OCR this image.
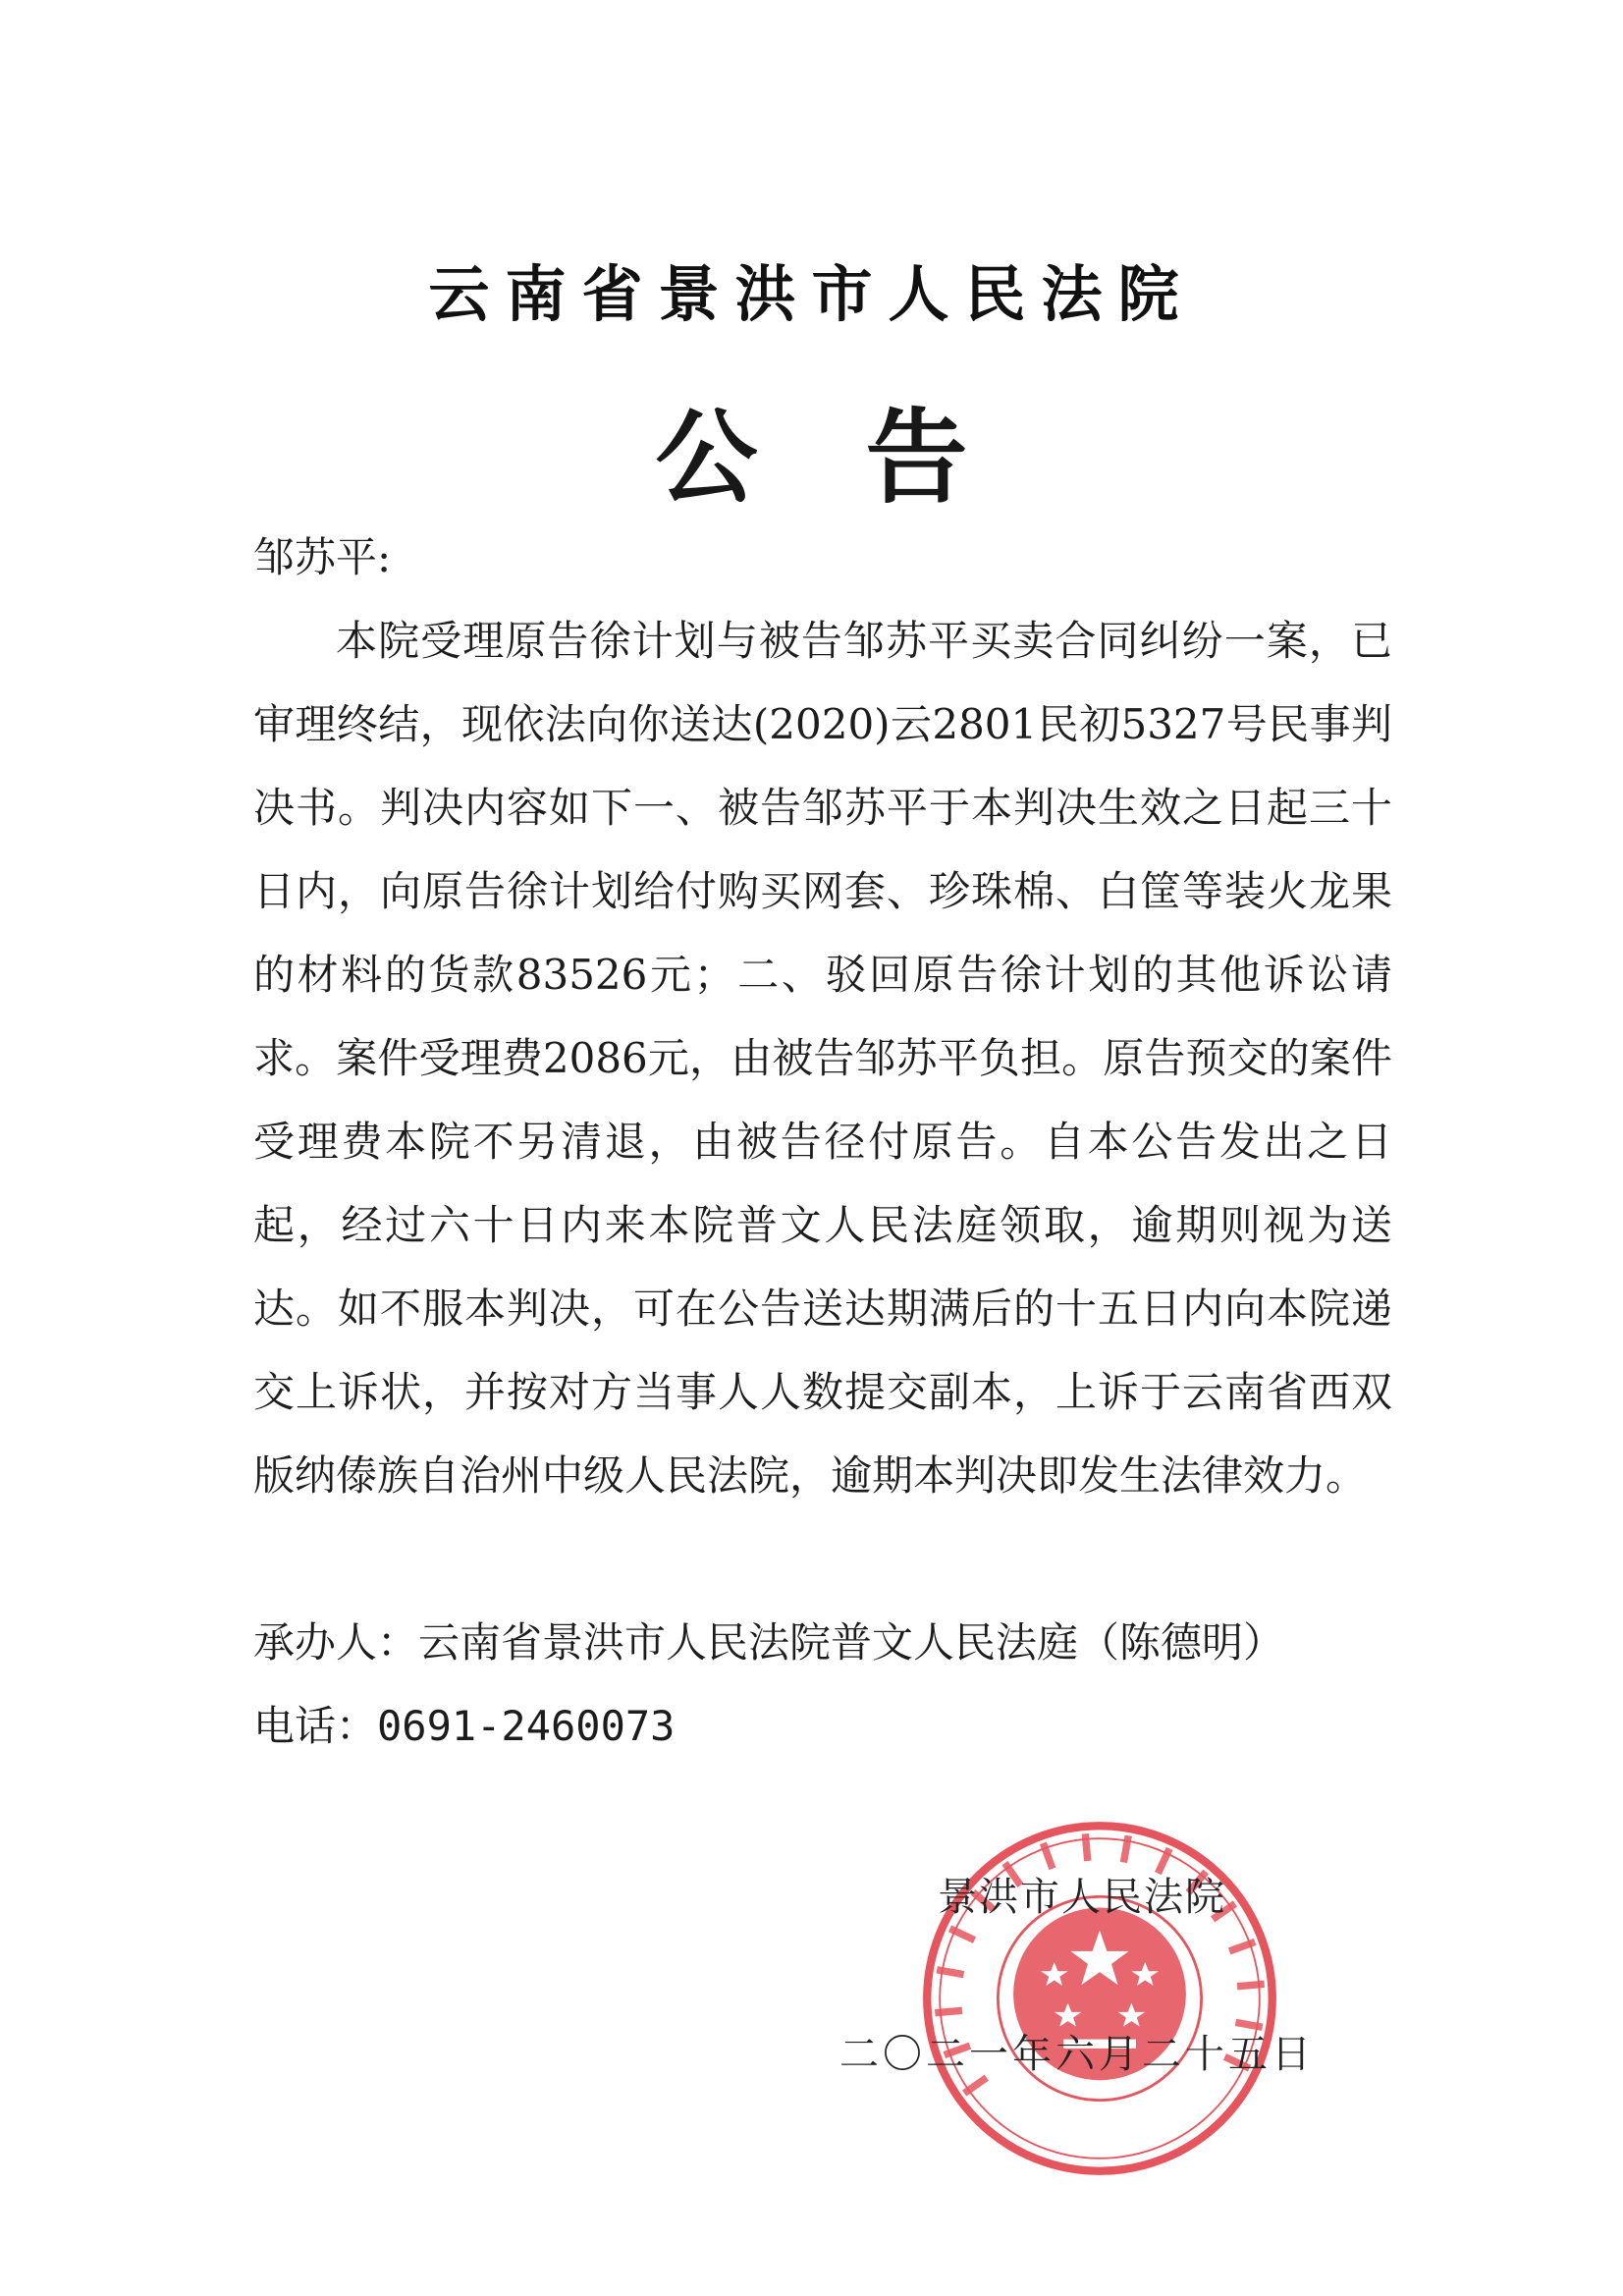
云南省景洪市人民法院
公告
邹苏平:
本院受理原告徐计划与被告邹苏平买卖合同纠纷一案，已审理终结，现依法向你送达(2020)云2801民初5327号民事判决书。判决内容如下一、被告邹苏平于本判决生效之日起三十日内，向原告徐计划给付购买网套、珍珠棉、白筐等装火龙果的材料的货款83526元；二、驳回原告徐计划的其他诉讼请求。案件受理费2086元，由被告邹苏平负担。原告预交的案件受理费本院不另清退，由被告径付原告。自本公告发出之日起，经过六十日内来本院普文人民法庭领取，逾期则视为送达。如不服本判决，可在公告送达期满后的十五日内向本院递交上诉状，并按对方当事人人数提交副本，上诉于云南省西双版纳傣族自治州中级人民法院，逾期本判决即发生法律效力。
承办人：云南省景洪市人民法院普文人民法庭（陈德明）
电话：0691-2460073
景洪市人民法院
二〇二一年六月二十五日
